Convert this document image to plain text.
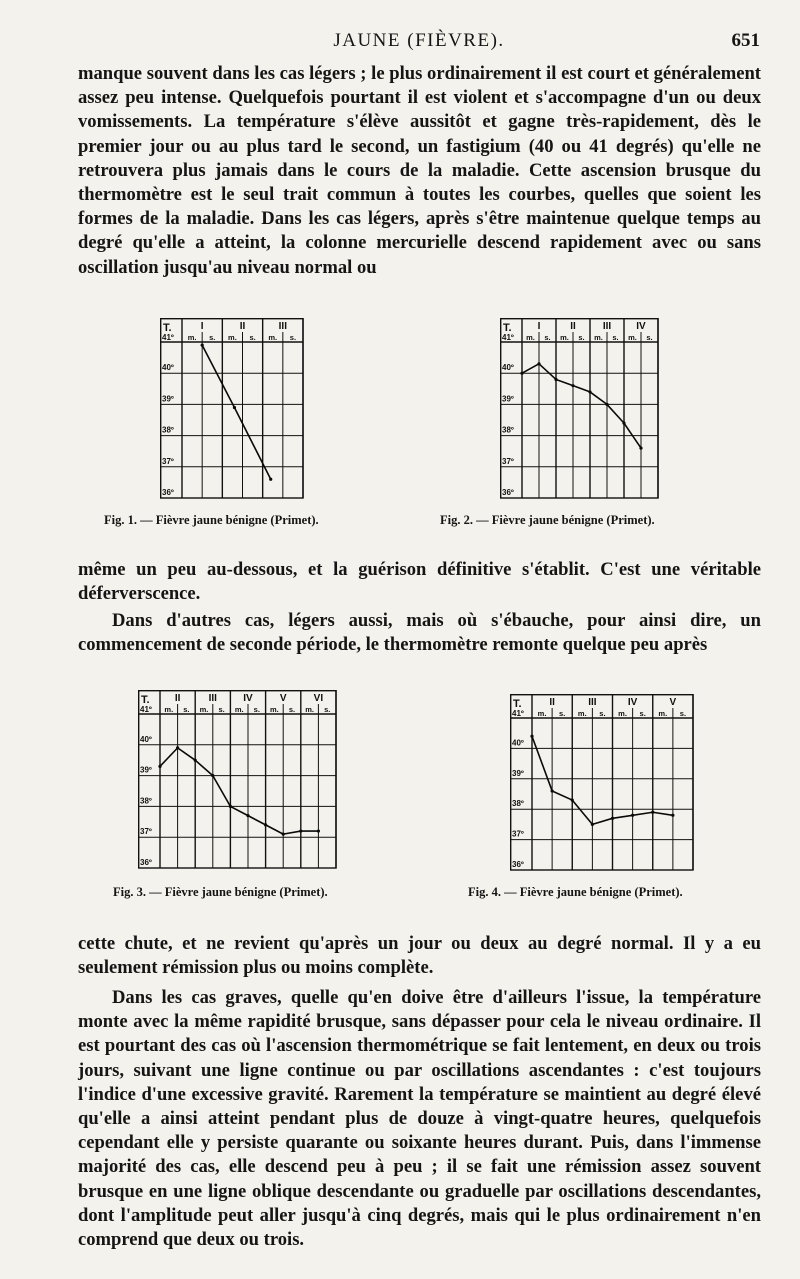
JAUNE (FIÈVRE).	651

manque souvent dans les cas légers ; le plus ordinairement il est court et généralement assez peu intense. Quelquefois pourtant il est violent et s'accompagne d'un ou deux vomissements. La température s'élève aussitôt et gagne très-rapidement, dès le premier jour ou au plus tard le second, un fastigium (40 ou 41 degrés) qu'elle ne retrouvera plus jamais dans le cours de la maladie. Cette ascension brusque du thermomètre est le seul trait commun à toutes les courbes, quelles que soient les formes de la maladie. Dans les cas légers, après s'être maintenue quelque temps au degré qu'elle a atteint, la colonne mercurielle descend rapidement avec ou sans oscillation jusqu'au niveau normal ou

T.	I
m. s.
II
m. s.
III
m. s.
41º
40º
39º
38º
37º
36º
T.	I
m. s.
II
m. s.
III
m. s.
IV
m. s.
41º
40º
39º
38º
37º
36º
Fig. 1. — Fièvre jaune bénigne (Primet).	Fig. 2. — Fièvre jaune bénigne (Primet).

même un peu au-dessous, et la guérison définitive s'établit. C'est une véritable déferverscence.

Dans d'autres cas, légers aussi, mais où s'ébauche, pour ainsi dire, un commencement de seconde période, le thermomètre remonte quelque peu après

T.	II
m. s.
III
m. s.
IV
m. s.
V
m. s.
VI
m. s.
41º
40º
39º
38º
37º
36º
T.	II
m. s.
III
m. s.
IV
m. s.
V
m. s.
41º
40º
39º
38º
37º
36º
Fig. 3. — Fièvre jaune bénigne (Primet).	Fig. 4. — Fièvre jaune bénigne (Primet).

cette chute, et ne revient qu'après un jour ou deux au degré normal. Il y a eu seulement rémission plus ou moins complète.

Dans les cas graves, quelle qu'en doive être d'ailleurs l'issue, la température monte avec la même rapidité brusque, sans dépasser pour cela le niveau ordinaire. Il est pourtant des cas où l'ascension thermométrique se fait lentement, en deux ou trois jours, suivant une ligne continue ou par oscillations ascendantes : c'est toujours l'indice d'une excessive gravité. Rarement la température se maintient au degré élevé qu'elle a ainsi atteint pendant plus de douze à vingt-quatre heures, quelquefois cependant elle y persiste quarante ou soixante heures durant. Puis, dans l'immense majorité des cas, elle descend peu à peu ; il se fait une rémission assez souvent brusque en une ligne oblique descendante ou graduelle par oscillations descendantes, dont l'amplitude peut aller jusqu'à cinq degrés, mais qui le plus ordinairement n'en comprend que deux ou trois.
